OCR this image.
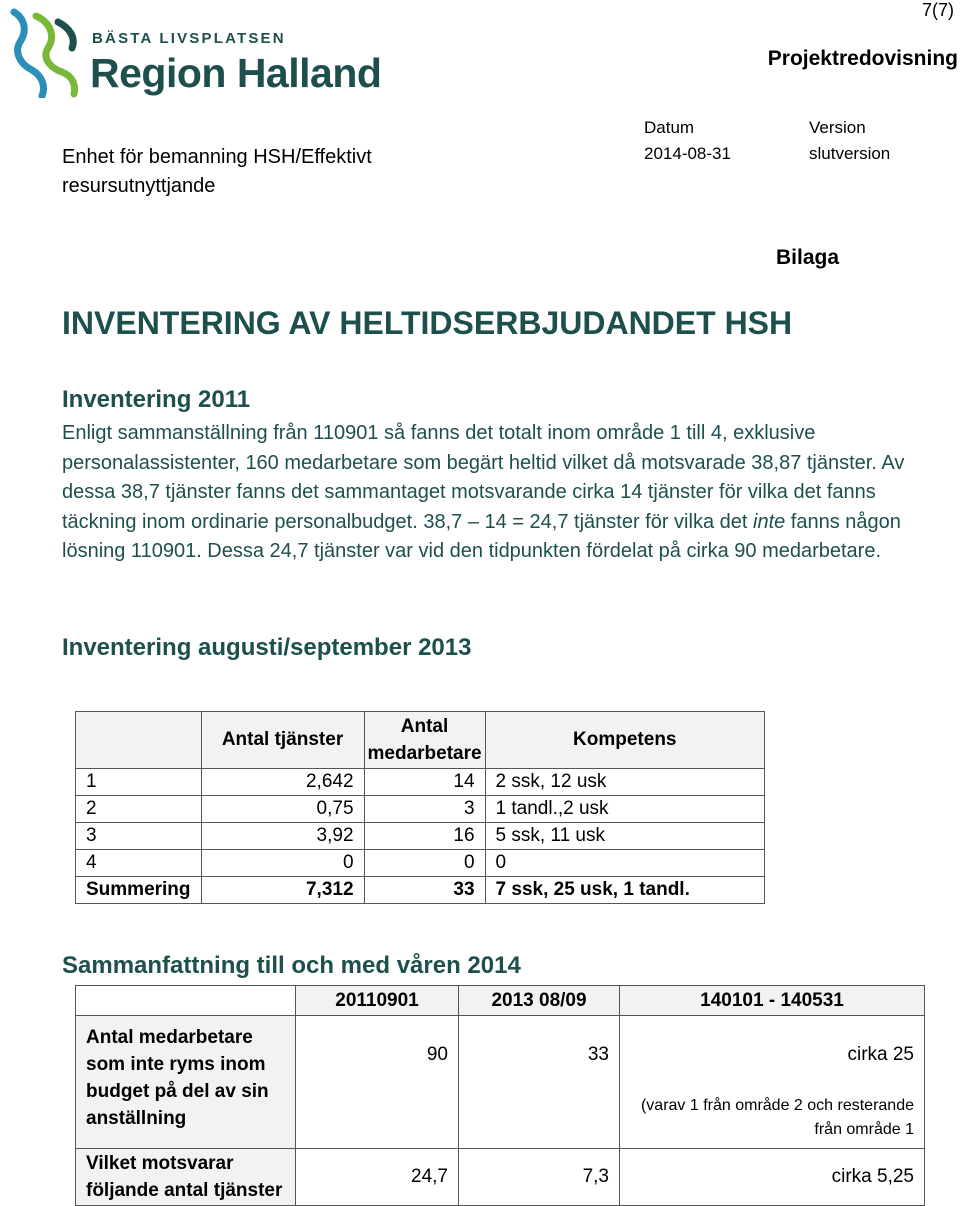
BÄSTA LIVSPLATSEN
Region Halland
7(7)
Projektredovisning
Enhet för bemanning HSH/Effektivt resursutnyttjande
Datum
2014-08-31
Version
slutversion
Bilaga
INVENTERING AV HELTIDSERBJUDANDET HSH
Inventering 2011
Enligt sammanställning från 110901 så fanns det totalt inom område 1 till 4, exklusive personalassistenter, 160 medarbetare som begärt heltid vilket då motsvarade 38,87 tjänster. Av dessa 38,7 tjänster fanns det sammantaget motsvarande cirka 14 tjänster för vilka det fanns täckning inom ordinarie personalbudget. 38,7 – 14 = 24,7 tjänster för vilka det inte fanns någon lösning 110901. Dessa 24,7 tjänster var vid den tidpunkten fördelat på cirka 90 medarbetare.
Inventering augusti/september 2013
	Antal tjänster	Antal medarbetare	Kompetens
1	2,642	14	2 ssk, 12 usk
2	0,75	3	1 tandl.,2 usk
3	3,92	16	5 ssk, 11 usk
4	0	0	0
Summering	7,312	33	7 ssk, 25 usk, 1 tandl.
Sammanfattning till och med våren 2014
	20110901	2013 08/09	140101 - 140531
Antal medarbetare som inte ryms inom budget på del av sin anställning	90	33	cirka 25
(varav 1 från område 2 och resterande från område 1

Vilket motsvarar följande antal tjänster	24,7	7,3	cirka 5,25
